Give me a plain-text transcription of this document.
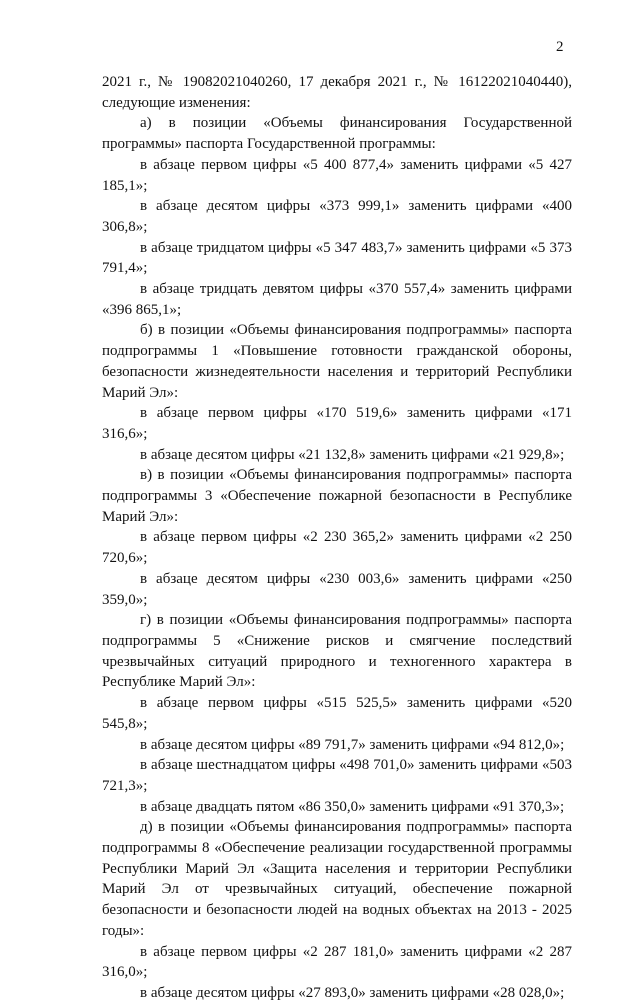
2

2021 г., № 19082021040260, 17 декабря 2021 г., № 16122021040440), следующие изменения:

а) в позиции «Объемы финансирования Государственной программы» паспорта Государственной программы:

в абзаце первом цифры «5 400 877,4» заменить цифрами «5 427 185,1»;

в абзаце десятом цифры «373 999,1» заменить цифрами «400 306,8»;

в абзаце тридцатом цифры «5 347 483,7» заменить цифрами «5 373 791,4»;

в абзаце тридцать девятом цифры «370 557,4» заменить цифрами «396 865,1»;

б) в позиции «Объемы финансирования подпрограммы» паспорта подпрограммы 1 «Повышение готовности гражданской обороны, безопасности жизнедеятельности населения и территорий Республики Марий Эл»:

в абзаце первом цифры «170 519,6» заменить цифрами «171 316,6»;

в абзаце десятом цифры «21 132,8» заменить цифрами «21 929,8»;

в) в позиции «Объемы финансирования подпрограммы» паспорта подпрограммы 3 «Обеспечение пожарной безопасности в Республике Марий Эл»:

в абзаце первом цифры «2 230 365,2» заменить цифрами «2 250 720,6»;

в абзаце десятом цифры «230 003,6» заменить цифрами «250 359,0»;

г) в позиции «Объемы финансирования подпрограммы» паспорта подпрограммы 5 «Снижение рисков и смягчение последствий чрезвычайных ситуаций природного и техногенного характера в Республике Марий Эл»:

в абзаце первом цифры «515 525,5» заменить цифрами «520 545,8»;

в абзаце десятом цифры «89 791,7» заменить цифрами «94 812,0»;

в абзаце шестнадцатом цифры «498 701,0» заменить цифрами «503 721,3»;

в абзаце двадцать пятом «86 350,0» заменить цифрами «91 370,3»;

д) в позиции «Объемы финансирования подпрограммы» паспорта подпрограммы 8 «Обеспечение реализации государственной программы Республики Марий Эл «Защита населения и территории Республики Марий Эл от чрезвычайных ситуаций, обеспечение пожарной безопасности и безопасности людей на водных объектах на 2013 - 2025 годы»:

в абзаце первом цифры «2 287 181,0» заменить цифрами «2 287 316,0»;

в абзаце десятом цифры «27 893,0» заменить цифрами «28 028,0»;
